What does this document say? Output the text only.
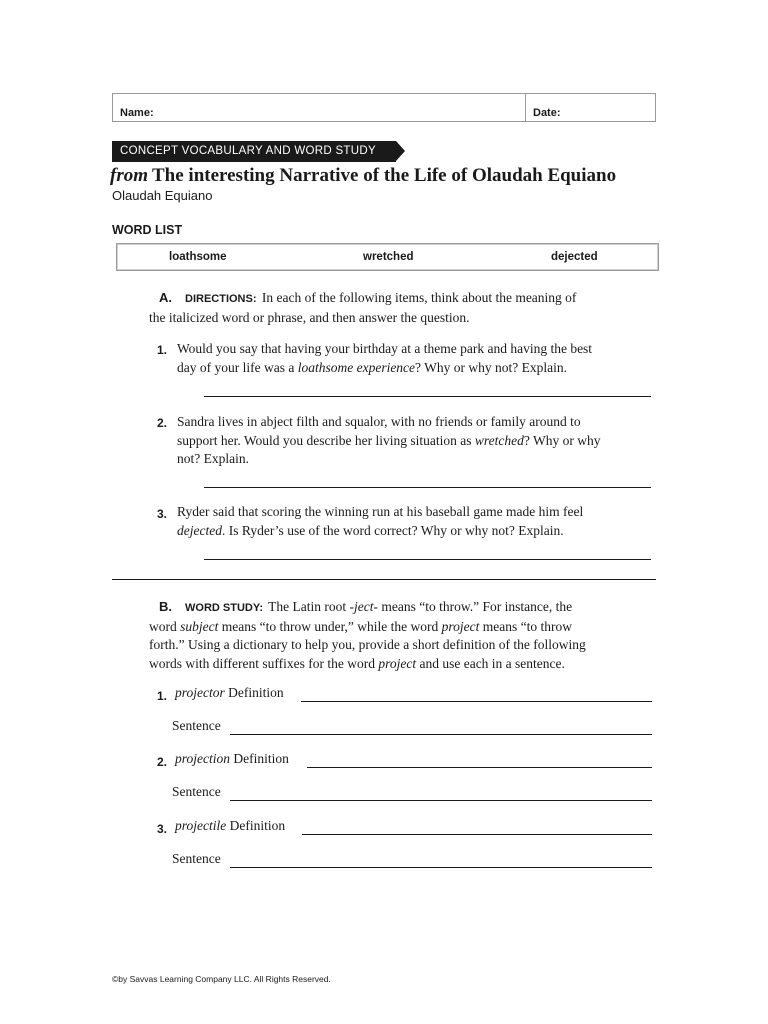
Name:	Date:
CONCEPT VOCABULARY AND WORD STUDY
from The interesting Narrative of the Life of Olaudah Equiano
Olaudah Equiano
WORD LIST
loathsome	wretched	dejected
A.	DIRECTIONS: In each of the following items, think about the meaning of
the italicized word or phrase, and then answer the question.
1. Would you say that having your birthday at a theme park and having the best
day of your life was a loathsome experience? Why or why not? Explain.
2. Sandra lives in abject filth and squalor, with no friends or family around to
support her. Would you describe her living situation as wretched? Why or why
not? Explain.
3. Ryder said that scoring the winning run at his baseball game made him feel
dejected. Is Ryder’s use of the word correct? Why or why not? Explain.
B.	WORD STUDY: The Latin root -ject- means “to throw.” For instance, the
word subject means “to throw under,” while the word project means “to throw
forth.” Using a dictionary to help you, provide a short definition of the following
words with different suffixes for the word project and use each in a sentence.
1. projector Definition
Sentence
2. projection Definition
Sentence
3. projectile Definition
Sentence
©by Savvas Learning Company LLC. All Rights Reserved.
